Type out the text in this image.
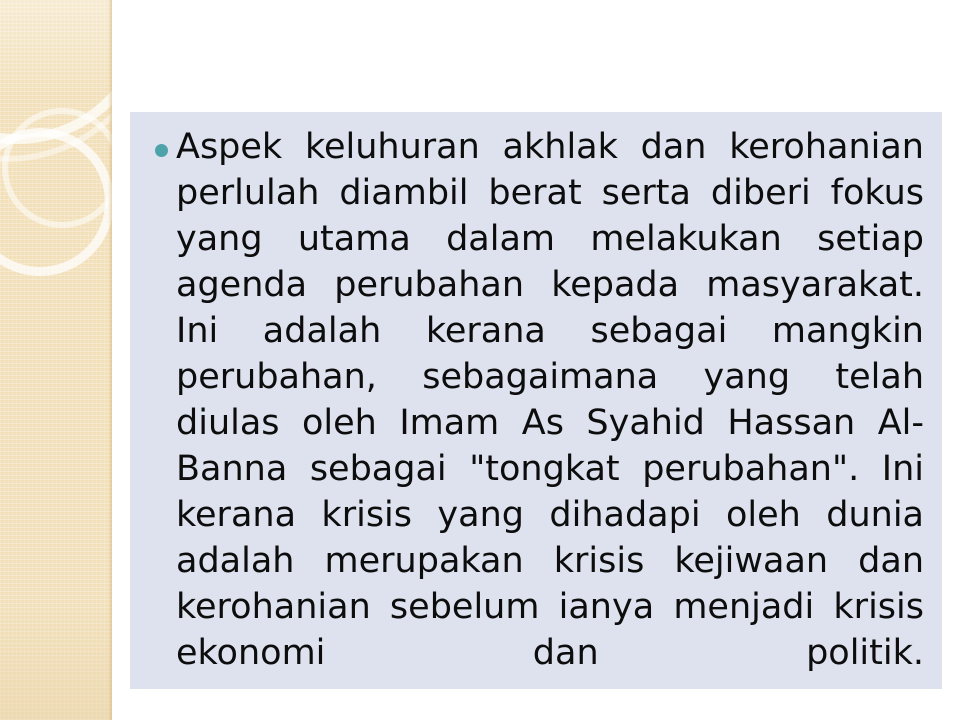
Aspek keluhuran akhlak dan kerohanian perlulah diambil berat serta diberi fokus yang utama dalam melakukan setiap agenda perubahan kepada masyarakat. Ini adalah kerana sebagai mangkin perubahan, sebagaimana yang telah diulas oleh Imam As Syahid Hassan Al-Banna sebagai "tongkat perubahan". Ini kerana krisis yang dihadapi oleh dunia adalah merupakan krisis kejiwaan dan kerohanian sebelum ianya menjadi krisis ekonomi dan politik.
